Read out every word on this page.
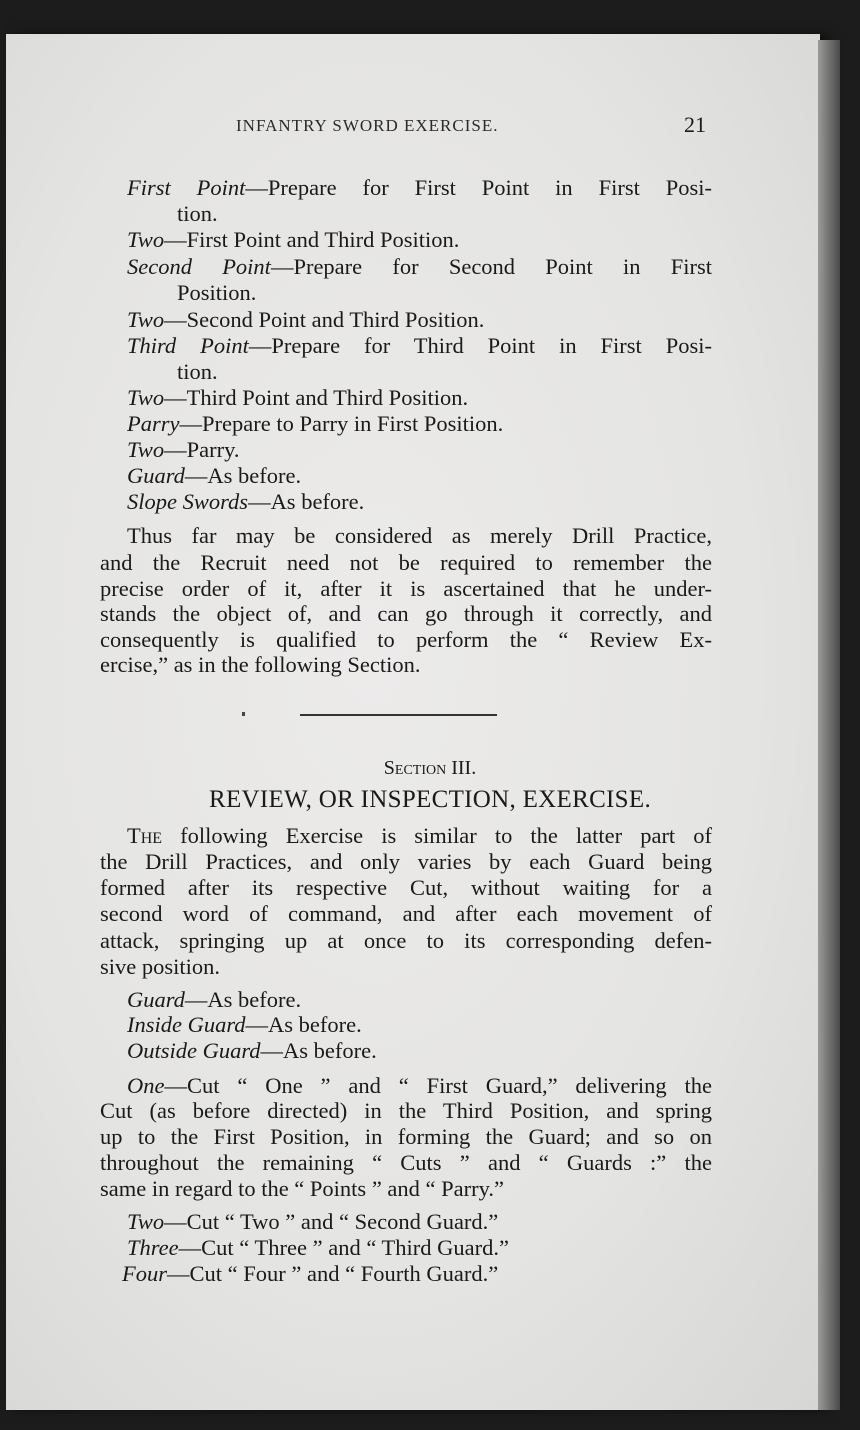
INFANTRY SWORD EXERCISE.	21
First Point—Prepare for First Point in First Posi-
tion.
Two—First Point and Third Position.
Second Point—Prepare for Second Point in First
Position.
Two—Second Point and Third Position.
Third Point—Prepare for Third Point in First Posi-
tion.
Two—Third Point and Third Position.
Parry—Prepare to Parry in First Position.
Two—Parry.
Guard—As before.
Slope Swords—As before.
Thus far may be considered as merely Drill Practice,
and the Recruit need not be required to remember the
precise order of it, after it is ascertained that he under-
stands the object of, and can go through it correctly, and
consequently is qualified to perform the “ Review Ex-
ercise,” as in the following Section.
Section III.
REVIEW, OR INSPECTION, EXERCISE.
The following Exercise is similar to the latter part of
the Drill Practices, and only varies by each Guard being
formed after its respective Cut, without waiting for a
second word of command, and after each movement of
attack, springing up at once to its corresponding defen-
sive position.
Guard—As before.
Inside Guard—As before.
Outside Guard—As before.
One—Cut “ One ” and “ First Guard,” delivering the
Cut (as before directed) in the Third Position, and spring
up to the First Position, in forming the Guard; and so on
throughout the remaining “ Cuts ” and “ Guards :” the
same in regard to the “ Points ” and “ Parry.”
Two—Cut “ Two ” and “ Second Guard.”
Three—Cut “ Three ” and “ Third Guard.”
Four—Cut “ Four ” and “ Fourth Guard.”
